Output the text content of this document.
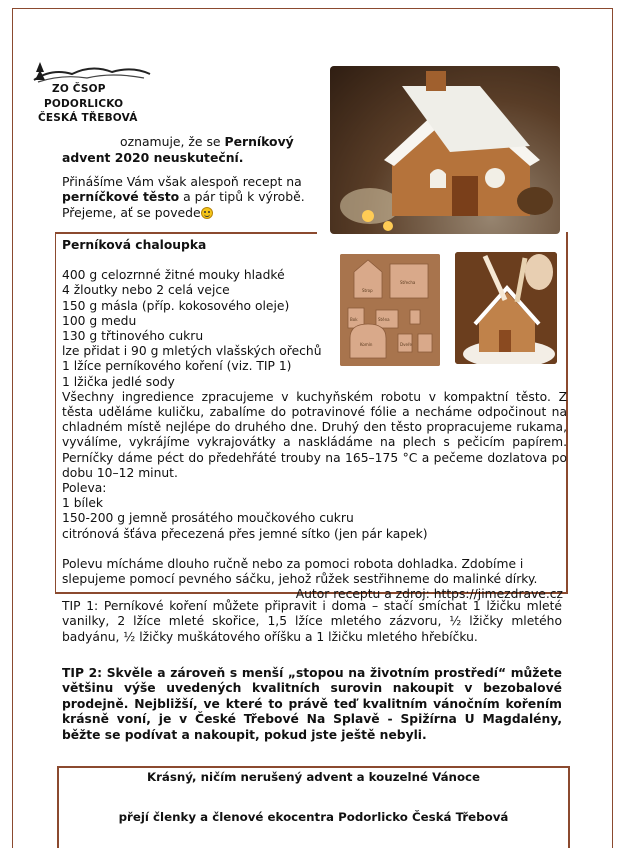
ZO ČSOP
PODORLICKO
ČESKÁ TŘEBOVÁ
Strop
Střecha
Bok	Stěna
Dveře
Komín

oznamuje, že se Perníkový
advent 2020 neuskuteční.

Přinášíme Vám však alespoň recept na perníčkové těsto a pár tipů k výrobě. Přejeme, ať se povede

Perníková chaloupka
400 g celozrnné žitné mouky hladké
4 žloutky nebo 2 celá vejce
150 g másla (příp. kokosového oleje)
100 g medu
130 g třtinového cukru
lze přidat i 90 g mletých vlašských ořechů
1 lžíce perníkového koření (viz. TIP 1)
1 lžička jedlé sody
Všechny ingredience zpracujeme v kuchyňském robotu v kompaktní těsto. Z těsta uděláme kuličku, zabalíme do potravinové fólie a necháme odpočinout na chladném místě nejlépe do druhého dne. Druhý den těsto propracujeme rukama, vyválíme, vykrájíme vykrajovátky a naskládáme na plech s pečicím papírem. Perníčky dáme péct do předehřáté trouby na 165–175 °C a pečeme dozlatova po dobu 10–12 minut.
Poleva:
1 bílek
150-200 g jemně prosátého moučkového cukru
citrónová šťáva přecezená přes jemné sítko (jen pár kapek)
Polevu mícháme dlouho ručně nebo za pomoci robota dohladka. Zdobíme i slepujeme pomocí pevného sáčku, jehož růžek sestřihneme do malinké dírky.
Autor receptu a zdroj: https://jimezdrave.cz
TIP 1: Perníkové koření můžete připravit i doma – stačí smíchat 1 lžičku mleté vanilky, 2 lžíce mleté skořice, 1,5 lžíce mletého zázvoru, ½ lžičky mletého badyánu, ½ lžičky muškátového oříšku a 1 lžičku mletého hřebíčku.
TIP 2: Skvěle a zároveň s menší „stopou na životním prostředí“ můžete většinu výše uvedených kvalitních surovin nakoupit v bezobalové prodejně. Nejbližší, ve které to právě teď kvalitním vánočním kořením krásně voní, je v České Třebové Na Splavě - Spižírna U Magdalény, běžte se podívat a nakoupit, pokud jste ještě nebyli.
Krásný, ničím nerušený advent a kouzelné Vánoce
přejí členky a členové ekocentra Podorlicko Česká Třebová
